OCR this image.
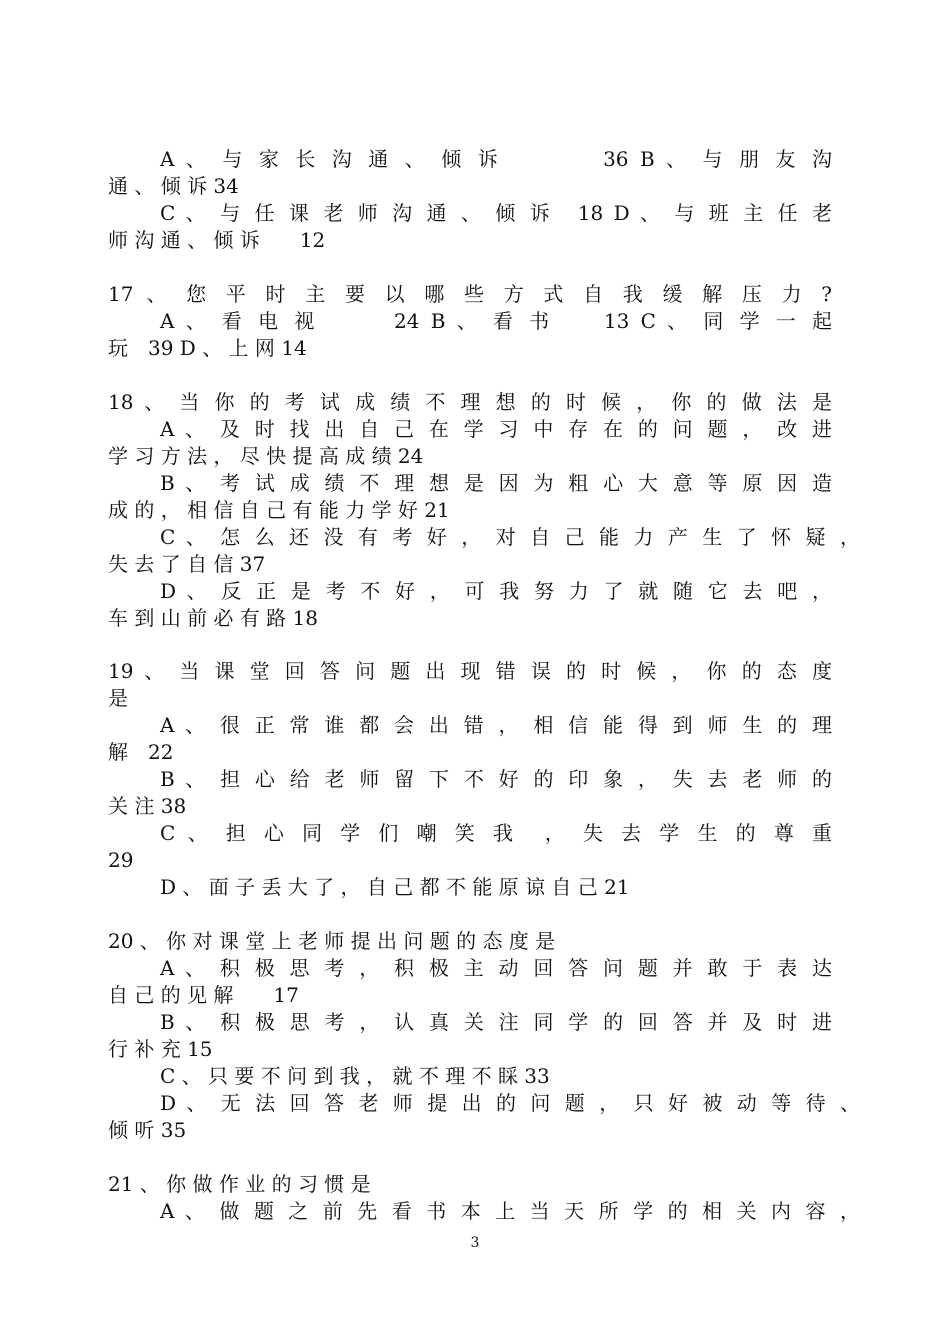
A 、 与 家 长 沟 通 、 倾 诉　　　　36 B 、 与 朋 友 沟
通 、 倾 诉 34
C 、 与 任 课 老 师 沟 通 、 倾 诉　18 D 、 与 班 主 任 老
师 沟 通 、 倾 诉　　12
17 、 您 平 时 主 要 以 哪 些 方 式 自 我 缓 解 压 力 ?
A 、 看 电 视　　　24 B 、 看 书　　13 C 、 同 学 一 起
玩　39 D 、 上 网 14
18 、 当 你 的 考 试 成 绩 不 理 想 的 时 候 ， 你 的 做 法 是
A 、 及 时 找 出 自 己 在 学 习 中 存 在 的 问 题 ， 改 进
学 习 方 法 ， 尽 快 提 高 成 绩 24
B 、 考 试 成 绩 不 理 想 是 因 为 粗 心 大 意 等 原 因 造
成 的 ， 相 信 自 己 有 能 力 学 好 21
C 、 怎 么 还 没 有 考 好 ， 对 自 己 能 力 产 生 了 怀 疑 ，
失 去 了 自 信 37
D 、 反 正 是 考 不 好 ， 可 我 努 力 了 就 随 它 去 吧 ，
车 到 山 前 必 有 路 18
19 、 当 课 堂 回 答 问 题 出 现 错 误 的 时 候 ， 你 的 态 度
是
A 、 很 正 常 谁 都 会 出 错 ， 相 信 能 得 到 师 生 的 理
解　22
B 、 担 心 给 老 师 留 下 不 好 的 印 象 ， 失 去 老 师 的
关 注 38
C 、 担 心 同 学 们 嘲 笑 我　， 失 去 学 生 的 尊 重
29
D 、 面 子 丢 大 了 ， 自 己 都 不 能 原 谅 自 己 21
20 、 你 对 课 堂 上 老 师 提 出 问 题 的 态 度 是
A 、 积 极 思 考 ， 积 极 主 动 回 答 问 题 并 敢 于 表 达
自 己 的 见 解　　17
B 、 积 极 思 考 ， 认 真 关 注 同 学 的 回 答 并 及 时 进
行 补 充 15
C 、 只 要 不 问 到 我 ， 就 不 理 不 睬 33
D 、 无 法 回 答 老 师 提 出 的 问 题 ， 只 好 被 动 等 待 、
倾 听 35
21 、 你 做 作 业 的 习 惯 是
A 、 做 题 之 前 先 看 书 本 上 当 天 所 学 的 相 关 内 容 ，
3
